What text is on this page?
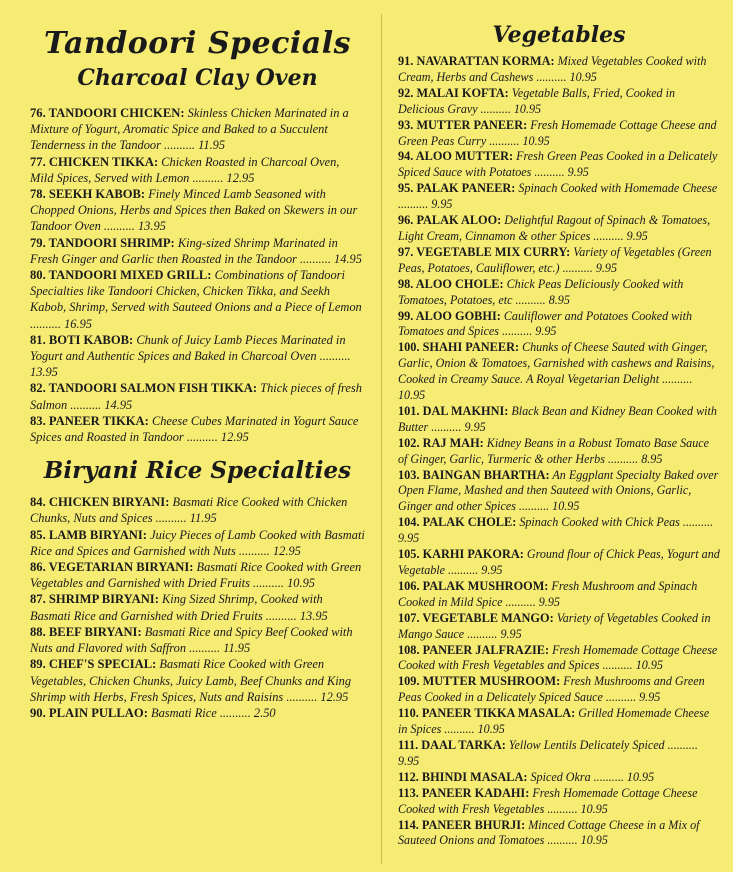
Tandoori Specials
Charcoal Clay Oven

76. TANDOORI CHICKEN: Skinless Chicken Marinated in a Mixture of Yogurt, Aromatic Spice and Baked to a Succulent Tenderness in the Tandoor .......... 11.95

77. CHICKEN TIKKA: Chicken Roasted in Charcoal Oven, Mild Spices, Served with Lemon .......... 12.95

78. SEEKH KABOB: Finely Minced Lamb Seasoned with Chopped Onions, Herbs and Spices then Baked on Skewers in our Tandoor Oven .......... 13.95

79. TANDOORI SHRIMP: King-sized Shrimp Marinated in Fresh Ginger and Garlic then Roasted in the Tandoor .......... 14.95

80. TANDOORI MIXED GRILL: Combinations of Tandoori Specialties like Tandoori Chicken, Chicken Tikka, and Seekh Kabob, Shrimp, Served with Sauteed Onions and a Piece of Lemon .......... 16.95

81. BOTI KABOB: Chunk of Juicy Lamb Pieces Marinated in Yogurt and Authentic Spices and Baked in Charcoal Oven .......... 13.95

82. TANDOORI SALMON FISH TIKKA: Thick pieces of fresh Salmon .......... 14.95

83. PANEER TIKKA: Cheese Cubes Marinated in Yogurt Sauce Spices and Roasted in Tandoor .......... 12.95

Biryani Rice Specialties

84. CHICKEN BIRYANI: Basmati Rice Cooked with Chicken Chunks, Nuts and Spices .......... 11.95

85. LAMB BIRYANI: Juicy Pieces of Lamb Cooked with Basmati Rice and Spices and Garnished with Nuts .......... 12.95

86. VEGETARIAN BIRYANI: Basmati Rice Cooked with Green Vegetables and Garnished with Dried Fruits .......... 10.95

87. SHRIMP BIRYANI: King Sized Shrimp, Cooked with Basmati Rice and Garnished with Dried Fruits .......... 13.95

88. BEEF BIRYANI: Basmati Rice and Spicy Beef Cooked with Nuts and Flavored with Saffron .......... 11.95

89. CHEF'S SPECIAL: Basmati Rice Cooked with Green Vegetables, Chicken Chunks, Juicy Lamb, Beef Chunks and King Shrimp with Herbs, Fresh Spices, Nuts and Raisins .......... 12.95

90. PLAIN PULLAO: Basmati Rice .......... 2.50

Vegetables

91. NAVARATTAN KORMA: Mixed Vegetables Cooked with Cream, Herbs and Cashews .......... 10.95

92. MALAI KOFTA: Vegetable Balls, Fried, Cooked in Delicious Gravy .......... 10.95

93. MUTTER PANEER: Fresh Homemade Cottage Cheese and Green Peas Curry .......... 10.95

94. ALOO MUTTER: Fresh Green Peas Cooked in a Delicately Spiced Sauce with Potatoes .......... 9.95

95. PALAK PANEER: Spinach Cooked with Homemade Cheese .......... 9.95

96. PALAK ALOO: Delightful Ragout of Spinach & Tomatoes, Light Cream, Cinnamon & other Spices .......... 9.95

97. VEGETABLE MIX CURRY: Variety of Vegetables (Green Peas, Potatoes, Cauliflower, etc.) .......... 9.95

98. ALOO CHOLE: Chick Peas Deliciously Cooked with Tomatoes, Potatoes, etc .......... 8.95

99. ALOO GOBHI: Cauliflower and Potatoes Cooked with Tomatoes and Spices .......... 9.95

100. SHAHI PANEER: Chunks of Cheese Sauted with Ginger, Garlic, Onion & Tomatoes, Garnished with cashews and Raisins, Cooked in Creamy Sauce. A Royal Vegetarian Delight .......... 10.95

101. DAL MAKHNI: Black Bean and Kidney Bean Cooked with Butter .......... 9.95

102. RAJ MAH: Kidney Beans in a Robust Tomato Base Sauce of Ginger, Garlic, Turmeric & other Herbs .......... 8.95

103. BAINGAN BHARTHA: An Eggplant Specialty Baked over Open Flame, Mashed and then Sauteed with Onions, Garlic, Ginger and other Spices .......... 10.95

104. PALAK CHOLE: Spinach Cooked with Chick Peas .......... 9.95

105. KARHI PAKORA: Ground flour of Chick Peas, Yogurt and Vegetable .......... 9.95

106. PALAK MUSHROOM: Fresh Mushroom and Spinach Cooked in Mild Spice .......... 9.95

107. VEGETABLE MANGO: Variety of Vegetables Cooked in Mango Sauce .......... 9.95

108. PANEER JALFRAZIE: Fresh Homemade Cottage Cheese Cooked with Fresh Vegetables and Spices .......... 10.95

109. MUTTER MUSHROOM: Fresh Mushrooms and Green Peas Cooked in a Delicately Spiced Sauce .......... 9.95

110. PANEER TIKKA MASALA: Grilled Homemade Cheese in Spices .......... 10.95

111. DAAL TARKA: Yellow Lentils Delicately Spiced .......... 9.95

112. BHINDI MASALA: Spiced Okra .......... 10.95

113. PANEER KADAHI: Fresh Homemade Cottage Cheese Cooked with Fresh Vegetables .......... 10.95

114. PANEER BHURJI: Minced Cottage Cheese in a Mix of Sauteed Onions and Tomatoes .......... 10.95
